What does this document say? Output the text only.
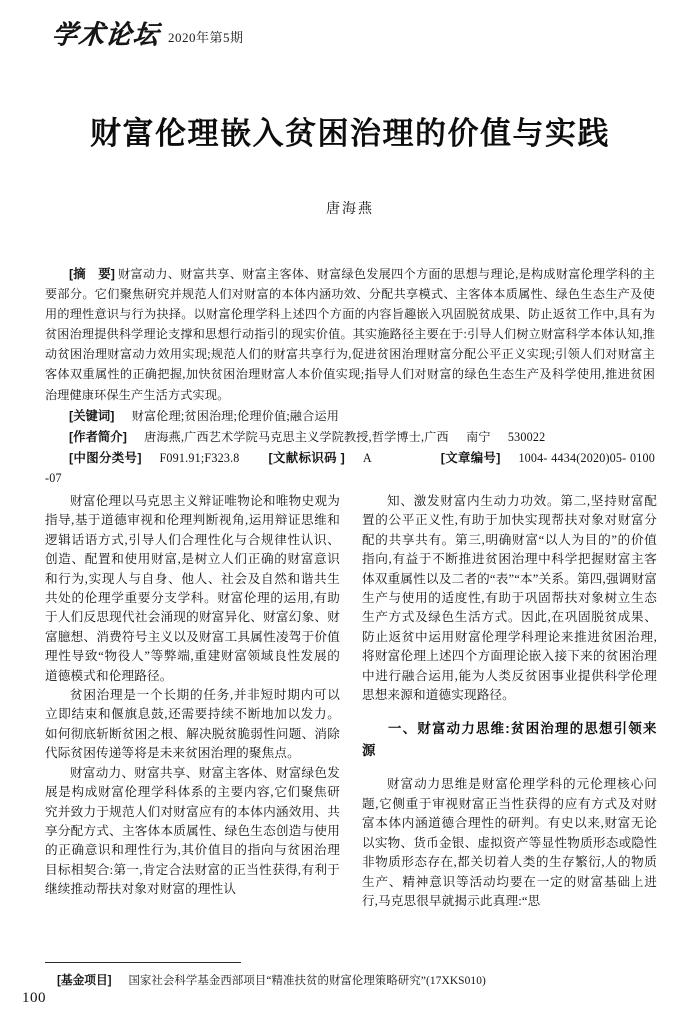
学术论坛 2020年第5期
财富伦理嵌入贫困治理的价值与实践
唐海燕
[摘　要] 财富动力、财富共享、财富主客体、财富绿色发展四个方面的思想与理论,是构成财富伦理学科的主要部分。它们聚焦研究并规范人们对财富的本体内涵功效、分配共享模式、主客体本质属性、绿色生态生产及使用的理性意识与行为抉择。以财富伦理学科上述四个方面的内容旨趣嵌入巩固脱贫成果、防止返贫工作中,具有为贫困治理提供科学理论支撑和思想行动指引的现实价值。其实施路径主要在于:引导人们树立财富科学本体认知,推动贫困治理财富动力效用实现;规范人们的财富共享行为,促进贫困治理财富分配公平正义实现;引领人们对财富主客体双重属性的正确把握,加快贫困治理财富人本价值实现;指导人们对财富的绿色生态生产及科学使用,推进贫困治理健康环保生产生活方式实现。
[关键词] 财富伦理;贫困治理;伦理价值;融合运用
[作者简介] 唐海燕,广西艺术学院马克思主义学院教授,哲学博士,广西 南宁 530022
[中图分类号] F091.91;F323.8 [文献标识码 ] A	[文章编号] 1004- 4434(2020)05- 0100 -07

财富伦理以马克思主义辩证唯物论和唯物史观为指导,基于道德审视和伦理判断视角,运用辩证思维和逻辑话语方式,引导人们合理性化与合规律性认识、创造、配置和使用财富,是树立人们正确的财富意识和行为,实现人与自身、他人、社会及自然和谐共生共处的伦理学重要分支学科。财富伦理的运用,有助于人们反思现代社会涌现的财富异化、财富幻象、财富臆想、消费符号主义以及财富工具属性凌驾于价值理性导致“物役人”等弊端,重建财富领域良性发展的道德模式和伦理路径。

贫困治理是一个长期的任务,并非短时期内可以立即结束和偃旗息鼓,还需要持续不断地加以发力。如何彻底斩断贫困之根、解决脱贫脆弱性问题、消除代际贫困传递等将是未来贫困治理的聚焦点。

财富动力、财富共享、财富主客体、财富绿色发展是构成财富伦理学科体系的主要内容,它们聚焦研究并致力于规范人们对财富应有的本体内涵效用、共享分配方式、主客体本质属性、绿色生态创造与使用的正确意识和理性行为,其价值目的指向与贫困治理目标相契合:第一,肯定合法财富的正当性获得,有利于继续推动帮扶对象对财富的理性认

知、激发财富内生动力功效。第二,坚持财富配置的公平正义性,有助于加快实现帮扶对象对财富分配的共享共有。第三,明确财富“以人为目的”的价值指向,有益于不断推进贫困治理中科学把握财富主客体双重属性以及二者的“表”“本”关系。第四,强调财富生产与使用的适度性,有助于巩固帮扶对象树立生态生产方式及绿色生活方式。因此,在巩固脱贫成果、防止返贫中运用财富伦理学科理论来推进贫困治理,将财富伦理上述四个方面理论嵌入接下来的贫困治理中进行融合运用,能为人类反贫困事业提供科学伦理思想来源和道德实现路径。

一、财富动力思维:贫困治理的思想引领来源

财富动力思维是财富伦理学科的元伦理核心问题,它侧重于审视财富正当性获得的应有方式及对财富本体内涵道德合理性的研判。有史以来,财富无论以实物、货币金银、虚拟资产等显性物质形态或隐性非物质形态存在,都关切着人类的生存繁衍,人的物质生产、精神意识等活动均要在一定的财富基础上进行,马克思很早就揭示此真理:“思

[基金项目] 国家社会科学基金西部项目“精准扶贫的财富伦理策略研究”(17XKS010)
100
